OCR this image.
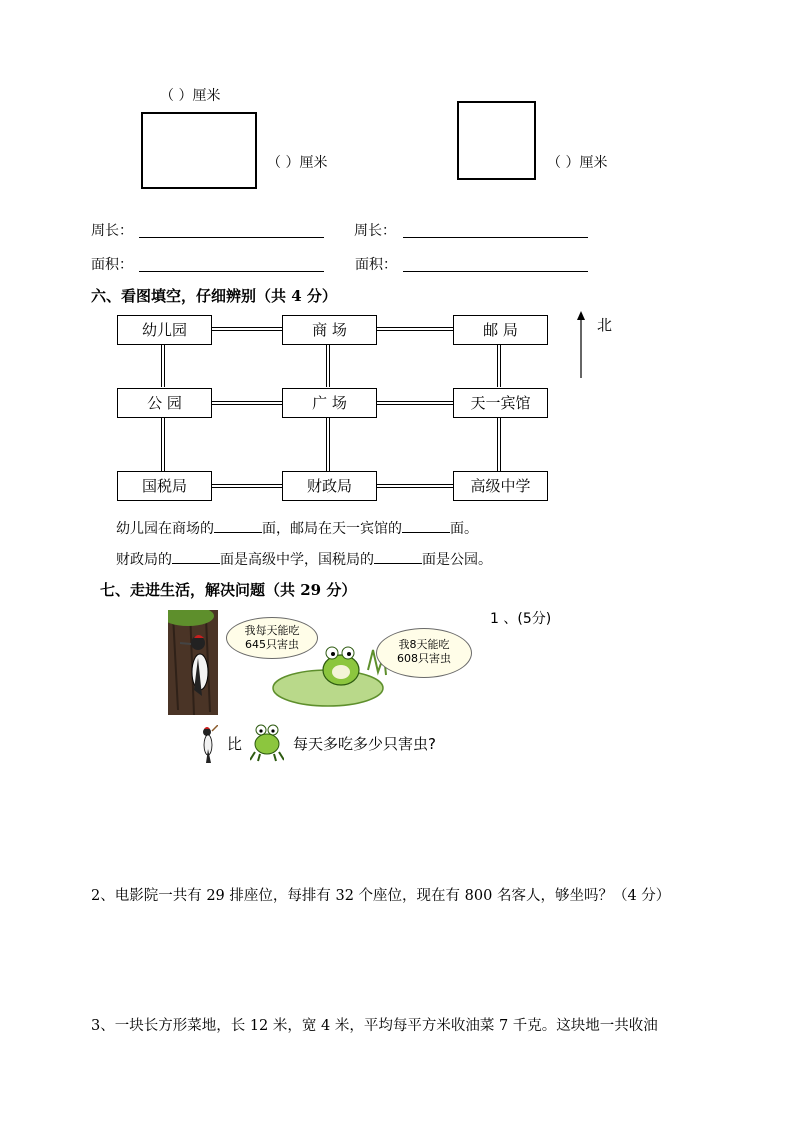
（ ）厘米
（ ）厘米	（ ）厘米
周长：	周长：
面积：	面积：
六、看图填空，仔细辨别（共 4 分）
幼儿园	商 场	邮 局
公 园	广 场	天一宾馆
国税局	财政局	高级中学
北
幼儿园在商场的	面，邮局在天一宾馆的	面。
财政局的	面是高级中学，国税局的	面是公园。
七、走进生活，解决问题（共 29 分）
我每天能吃
645只害虫	我8天能吃
608只害虫
1 、(5分)
比	每天多吃多少只害虫?
2、电影院一共有 29 排座位，每排有 32 个座位，现在有 800 名客人，够坐吗？（4 分）
3、一块长方形菜地，长 12 米，宽 4 米，平均每平方米收油菜 7 千克。这块地一共收油
